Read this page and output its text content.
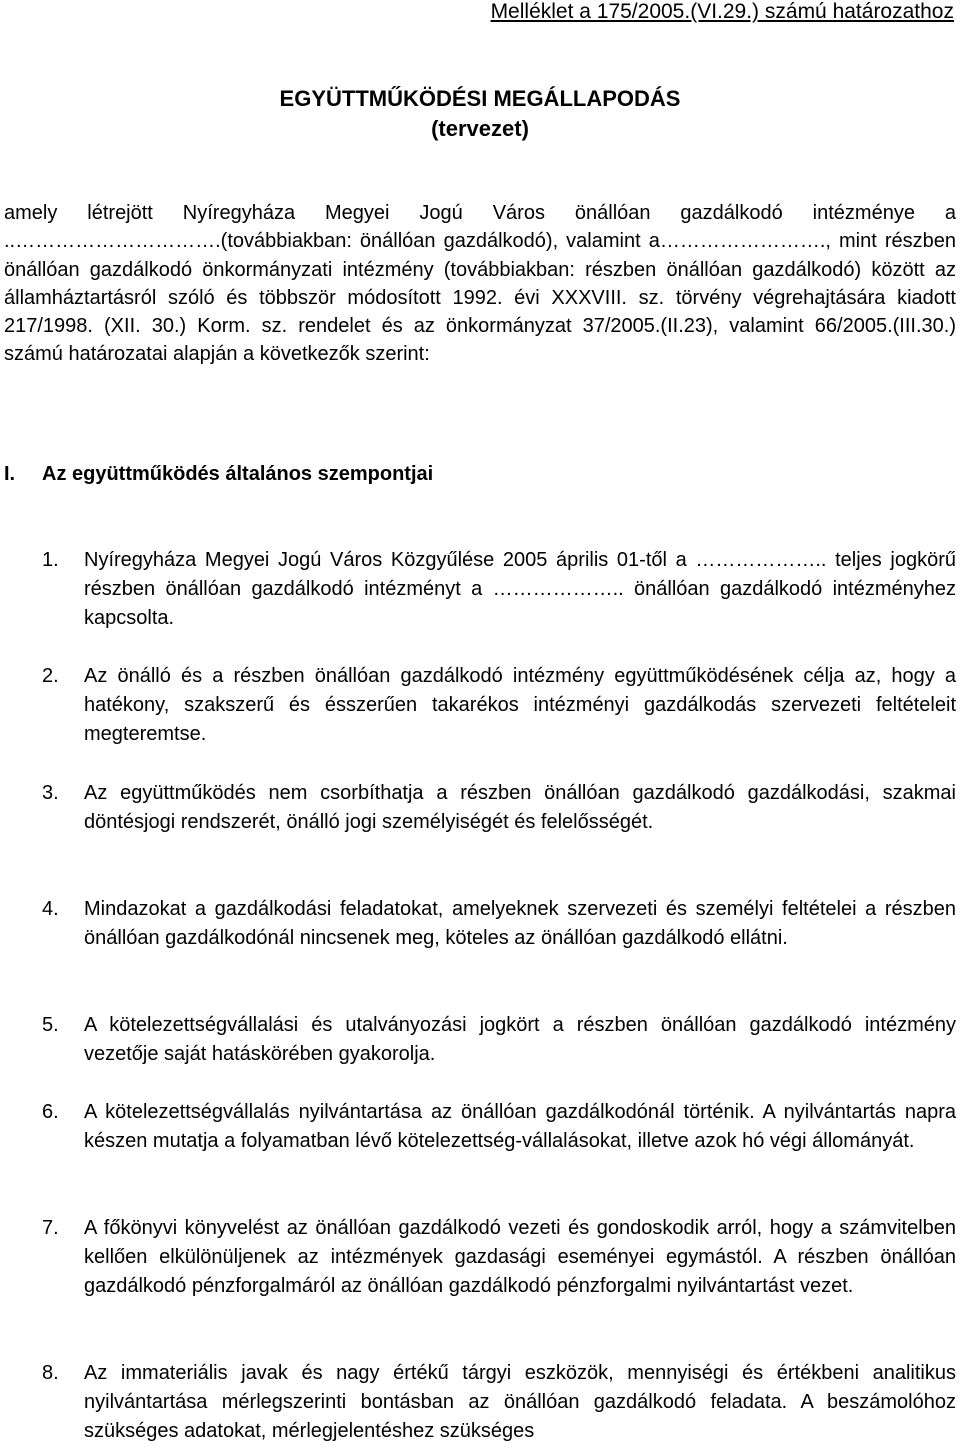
Melléklet a 175/2005.(VI.29.) számú határozathoz
EGYÜTTMŰKÖDÉSI MEGÁLLAPODÁS
(tervezet)

amely létrejött Nyíregyháza Megyei Jogú Város önállóan gazdálkodó intézménye a ..………………………….(továbbiakban: önállóan gazdálkodó), valamint a……………………., mint részben önállóan gazdálkodó önkormányzati intézmény (továbbiakban: részben önállóan gazdálkodó) között az államháztartásról szóló és többször módosított 1992. évi XXXVIII. sz. törvény végrehajtására kiadott 217/1998. (XII. 30.) Korm. sz. rendelet és az önkormányzat 37/2005.(II.23), valamint 66/2005.(III.30.) számú határozatai alapján a következők szerint:

I. Az együttműködés általános szempontjai
1.	Nyíregyháza Megyei Jogú Város Közgyűlése 2005 április 01-től a ……………….. teljes jogkörű részben önállóan gazdálkodó intézményt a ……………….. önállóan gazdálkodó intézményhez kapcsolta.
2.	Az önálló és a részben önállóan gazdálkodó intézmény együttműködésének célja az, hogy a hatékony, szakszerű és ésszerűen takarékos intézményi gazdálkodás szervezeti feltételeit megteremtse.
3.	Az együttműködés nem csorbíthatja a részben önállóan gazdálkodó gazdálkodási, szakmai döntésjogi rendszerét, önálló jogi személyiségét és felelősségét.
4.	Mindazokat a gazdálkodási feladatokat, amelyeknek szervezeti és személyi feltételei a részben önállóan gazdálkodónál nincsenek meg, köteles az önállóan gazdálkodó ellátni.
5.	A kötelezettségvállalási és utalványozási jogkört a részben önállóan gazdálkodó intézmény vezetője saját hatáskörében gyakorolja.
6.	A kötelezettségvállalás nyilvántartása az önállóan gazdálkodónál történik. A nyilvántartás napra készen mutatja a folyamatban lévő kötelezettség-vállalásokat, illetve azok hó végi állományát.
7.	A főkönyvi könyvelést az önállóan gazdálkodó vezeti és gondoskodik arról, hogy a számvitelben kellően elkülönüljenek az intézmények gazdasági eseményei egymástól. A részben önállóan gazdálkodó pénzforgalmáról az önállóan gazdálkodó pénzforgalmi nyilvántartást vezet.
8.	Az immateriális javak és nagy értékű tárgyi eszközök, mennyiségi és értékbeni analitikus nyilvántartása mérlegszerinti bontásban az önállóan gazdálkodó feladata. A beszámolóhoz szükséges adatokat, mérlegjelentéshez szükséges
